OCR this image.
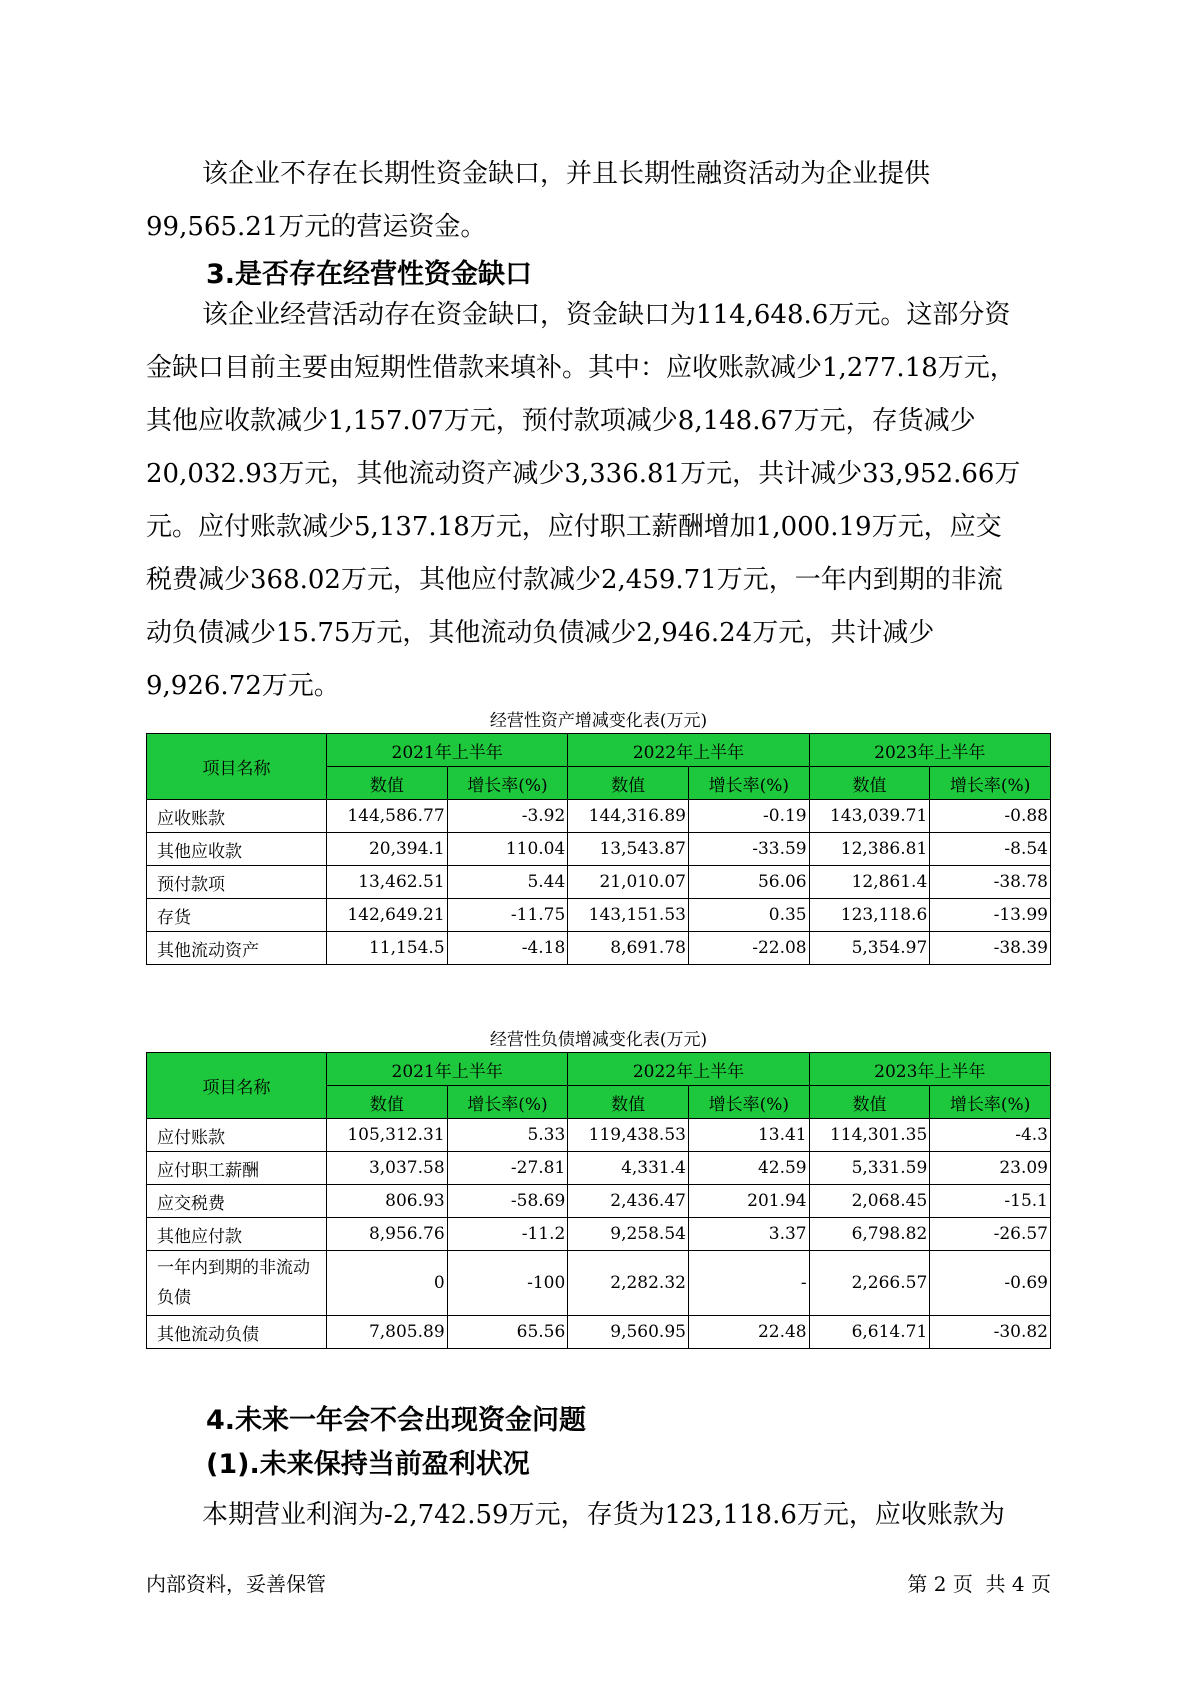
该企业不存在长期性资金缺口，并且长期性融资活动为企业提供
99,565.21万元的营运资金。

3.是否存在经营性资金缺口

该企业经营活动存在资金缺口，资金缺口为114,648.6万元。这部分资
金缺口目前主要由短期性借款来填补。其中：应收账款减少1,277.18万元，
其他应收款减少1,157.07万元，预付款项减少8,148.67万元，存货减少
20,032.93万元，其他流动资产减少3,336.81万元，共计减少33,952.66万
元。应付账款减少5,137.18万元，应付职工薪酬增加1,000.19万元，应交
税费减少368.02万元，其他应付款减少2,459.71万元，一年内到期的非流
动负债减少15.75万元，其他流动负债减少2,946.24万元，共计减少
9,926.72万元。

经营性资产增减变化表(万元)
项目名称	2021年上半年		2022年上半年		2023年上半年	
	数值	增长率(%)	数值	增长率(%)	数值	增长率(%)
应收账款	144,586.77	-3.92	144,316.89	-0.19	143,039.71	-0.88
其他应收款	20,394.1	110.04	13,543.87	-33.59	12,386.81	-8.54
预付款项	13,462.51	5.44	21,010.07	56.06	12,861.4	-38.78
存货	142,649.21	-11.75	143,151.53	0.35	123,118.6	-13.99
其他流动资产	11,154.5	-4.18	8,691.78	-22.08	5,354.97	-38.39
经营性负债增减变化表(万元)
项目名称	2021年上半年		2022年上半年		2023年上半年	
	数值	增长率(%)	数值	增长率(%)	数值	增长率(%)
应付账款	105,312.31	5.33	119,438.53	13.41	114,301.35	-4.3
应付职工薪酬	3,037.58	-27.81	4,331.4	42.59	5,331.59	23.09
应交税费	806.93	-58.69	2,436.47	201.94	2,068.45	-15.1
其他应付款	8,956.76	-11.2	9,258.54	3.37	6,798.82	-26.57
一年内到期的非流动负债	0	-100	2,282.32	-	2,266.57	-0.69
其他流动负债	7,805.89	65.56	9,560.95	22.48	6,614.71	-30.82
4.未来一年会不会出现资金问题
(1).未来保持当前盈利状况

本期营业利润为-2,742.59万元，存货为123,118.6万元，应收账款为

内部资料，妥善保管	第 2 页  共 4 页
